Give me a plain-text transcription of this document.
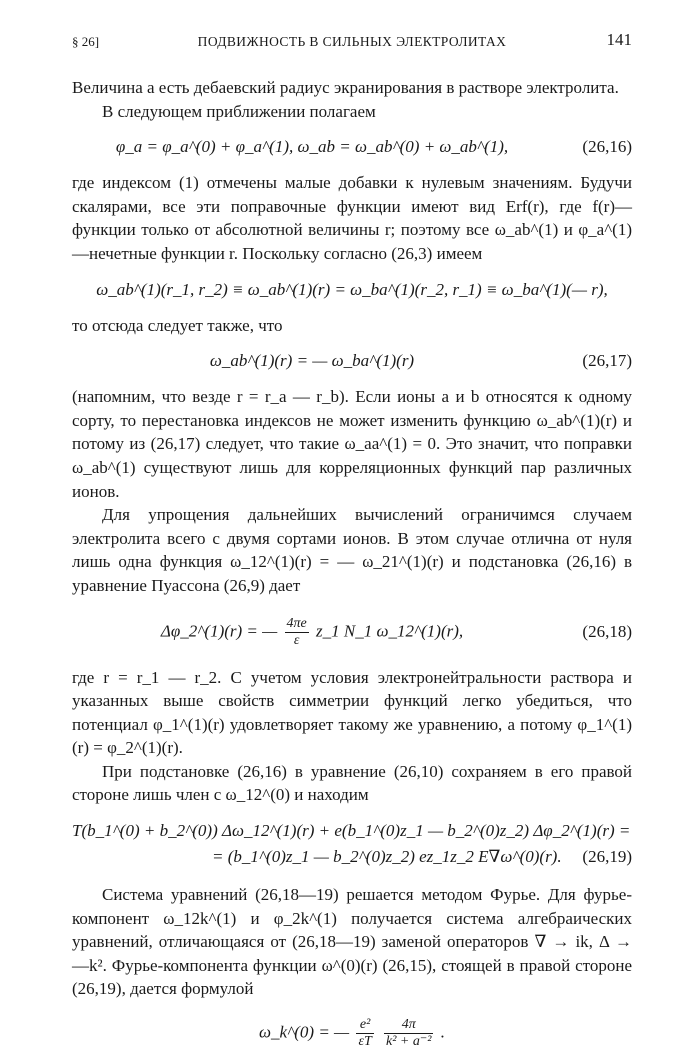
§ 26]	ПОДВИЖНОСТЬ В СИЛЬНЫХ ЭЛЕКТРОЛИТАХ	141

Величина a есть дебаевский радиус экранирования в растворе электролита.

В следующем приближении полагаем

φ_a = φ_a^(0) + φ_a^(1), ω_ab = ω_ab^(0) + ω_ab^(1),	(26,16)

где индексом (1) отмечены малые добавки к нулевым значениям. Будучи скалярами, все эти поправочные функции имеют вид Erf(r), где f(r)—функции только от абсолютной величины r; поэтому все ω_ab^(1) и φ_a^(1)—нечетные функции r. Поскольку согласно (26,3) имеем

ω_ab^(1)(r_1, r_2) ≡ ω_ab^(1)(r) = ω_ba^(1)(r_2, r_1) ≡ ω_ba^(1)(— r),

то отсюда следует также, что

ω_ab^(1)(r) = — ω_ba^(1)(r)	(26,17)

(напомним, что везде r = r_a — r_b). Если ионы a и b относятся к одному сорту, то перестановка индексов не может изменить функцию ω_ab^(1)(r) и потому из (26,17) следует, что такие ω_aa^(1) = 0. Это значит, что поправки ω_ab^(1) существуют лишь для корреляционных функций пар различных ионов.

Для упрощения дальнейших вычислений ограничимся случаем электролита всего с двумя сортами ионов. В этом случае отлична от нуля лишь одна функция ω_12^(1)(r) = — ω_21^(1)(r) и подстановка (26,16) в уравнение Пуассона (26,9) дает

Δφ_2^(1)(r) = — $\frac{4\pi e}{\varepsilon}$ z_1 N_1 ω_12^(1)(r),	(26,18)

где r = r_1 — r_2. С учетом условия электронейтральности раствора и указанных выше свойств симметрии функций легко убедиться, что потенциал φ_1^(1)(r) удовлетворяет такому же уравнению, а потому φ_1^(1)(r) = φ_2^(1)(r).

При подстановке (26,16) в уравнение (26,10) сохраняем в его правой стороне лишь член с ω_12^(0) и находим

T(b_1^(0) + b_2^(0)) Δω_12^(1)(r) + e(b_1^(0)z_1 — b_2^(0)z_2) Δφ_2^(1)(r) =
= (b_1^(0)z_1 — b_2^(0)z_2) ez_1z_2 E∇ω^(0)(r). (26,19)

Система уравнений (26,18—19) решается методом Фурье. Для фурье-компонент ω_12k^(1) и φ_2k^(1) получается система алгебраических уравнений, отличающаяся от (26,18—19) заменой операторов ∇ → ik, Δ → —k². Фурье-компонента функции ω^(0)(r) (26,15), стоящей в правой стороне (26,19), дается формулой

ω_k^(0) = — $\frac{\text{e²}}{\varepsilon T}$
$\frac{4\pi}{\text{k² + a⁻²}}$ .
